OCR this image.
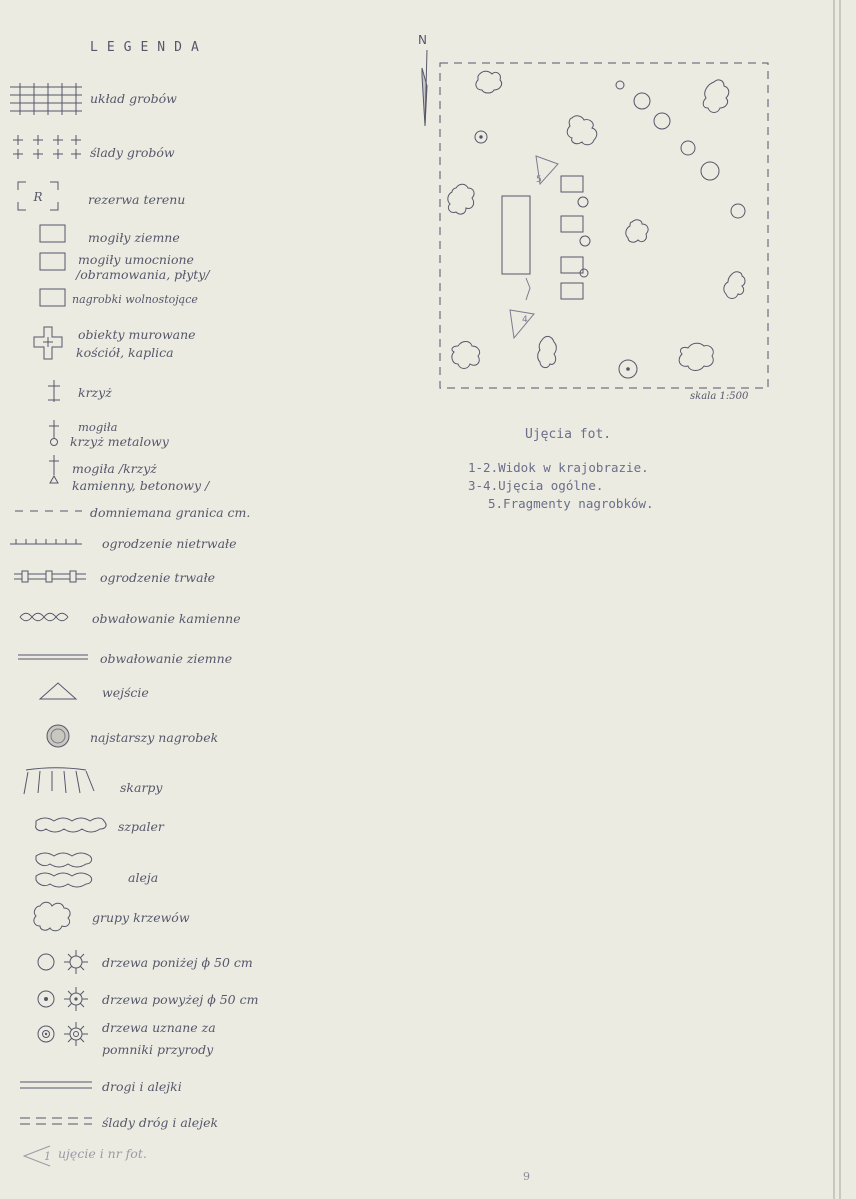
LEGENDA
układ grobów
ślady grobów
R	rezerwa terenu
mogiły ziemne
mogiły umocnione
/obramowania, płyty/
nagrobki wolnostojące
obiekty murowane
kościół, kaplica
krzyż
mogiła
krzyż metalowy
mogiła /krzyż
kamienny, betonowy /
domniemana granica cm.
ogrodzenie nietrwałe
ogrodzenie trwałe
obwałowanie kamienne
obwałowanie ziemne
wejście
najstarszy nagrobek
skarpy
szpaler
aleja
grupy krzewów
drzewa poniżej ϕ 50 cm
drzewa powyżej ϕ 50 cm
drzewa uznane za
pomniki przyrody
drogi i alejki
ślady dróg i alejek
1 ujęcie i nr fot.
N
5
4
skala 1:500
Ujęcia fot.
1-2.Widok w krajobrazie.
3-4.Ujęcia ogólne.
5.Fragmenty nagrobków.
9
